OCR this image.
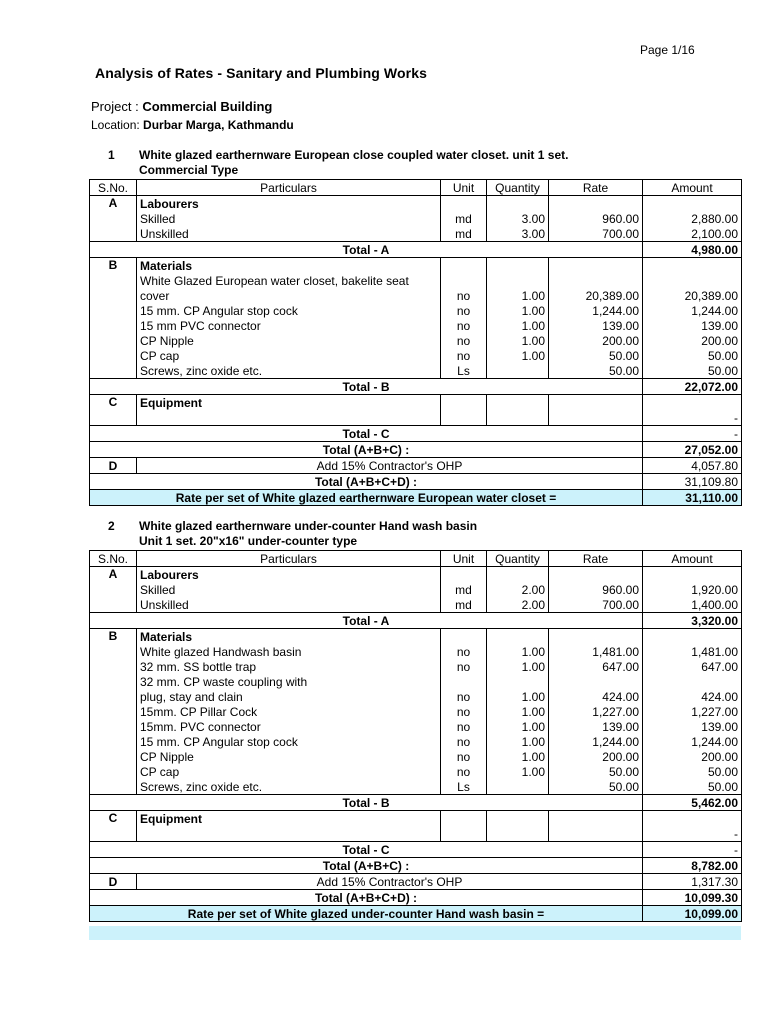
Page 1/16
Analysis of Rates - Sanitary and Plumbing Works
Project : Commercial Building
Location: Durbar Marga, Kathmandu
1 White glazed earthernware European close coupled water closet. unit 1 set.
Commercial Type
S.No.	Particulars	Unit	Quantity	Rate	Amount
A	Labourers				
	Skilled	md	3.00	960.00	2,880.00
	Unskilled	md	3.00	700.00	2,100.00
Total - A					4,980.00
B	Materials				
	White Glazed European water closet, bakelite seat				
	cover	no	1.00	20,389.00	20,389.00
	15 mm. CP Angular stop cock	no	1.00	1,244.00	1,244.00
	15 mm PVC connector	no	1.00	139.00	139.00
	CP Nipple	no	1.00	200.00	200.00
	CP cap	no	1.00	50.00	50.00
	Screws, zinc oxide etc.	Ls		50.00	50.00
Total - B					22,072.00
C	Equipment				
					-
Total - C					-
Total (A+B+C) :					27,052.00
D	Add 15% Contractor's OHP				4,057.80
Total (A+B+C+D) :					31,109.80
Rate per set of White glazed earthernware European water closet =					31,110.00
2 White glazed earthernware under-counter Hand wash basin
Unit 1 set. 20"x16" under-counter type
S.No.	Particulars	Unit	Quantity	Rate	Amount
A	Labourers				
	Skilled	md	2.00	960.00	1,920.00
	Unskilled	md	2.00	700.00	1,400.00
Total - A					3,320.00
B	Materials				
	White glazed Handwash basin	no	1.00	1,481.00	1,481.00
	32 mm. SS bottle trap	no	1.00	647.00	647.00
	32 mm. CP waste coupling with				
	plug, stay and clain	no	1.00	424.00	424.00
	15mm. CP Pillar Cock	no	1.00	1,227.00	1,227.00
	15mm. PVC connector	no	1.00	139.00	139.00
	15 mm. CP Angular stop cock	no	1.00	1,244.00	1,244.00
	CP Nipple	no	1.00	200.00	200.00
	CP cap	no	1.00	50.00	50.00
	Screws, zinc oxide etc.	Ls		50.00	50.00
Total - B					5,462.00
C	Equipment				
					-
Total - C					-
Total (A+B+C) :					8,782.00
D	Add 15% Contractor's OHP				1,317.30
Total (A+B+C+D) :					10,099.30
Rate per set of White glazed under-counter Hand wash basin =					10,099.00
